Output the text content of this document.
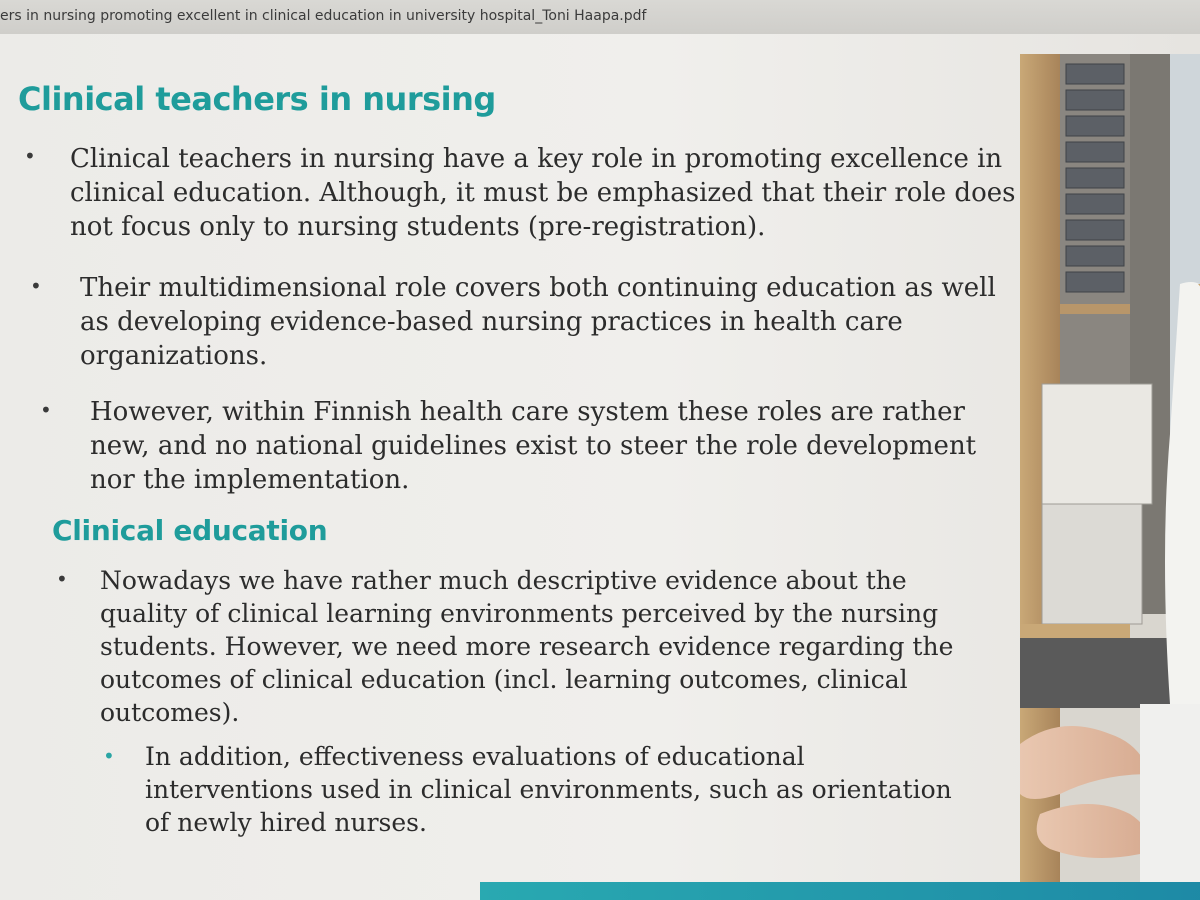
ers in nursing promoting excellent in clinical education in university hospital_Toni Haapa.pdf
Clinical teachers in nursing
• Clinical teachers in nursing have a key role in promoting excellence in clinical education. Although, it must be emphasized that their role does not focus only to nursing students (pre-registration).
• Their multidimensional role covers both continuing education as well as developing evidence-based nursing practices in health care organizations.
• However, within Finnish health care system these roles are rather new, and no national guidelines exist to steer the role development nor the implementation.
Clinical education
• Nowadays we have rather much descriptive evidence about the quality of clinical learning environments perceived by the nursing students. However, we need more research evidence regarding the outcomes of clinical education (incl. learning outcomes, clinical outcomes).
• In addition, effectiveness evaluations of educational interventions used in clinical environments, such as orientation of newly hired nurses.
